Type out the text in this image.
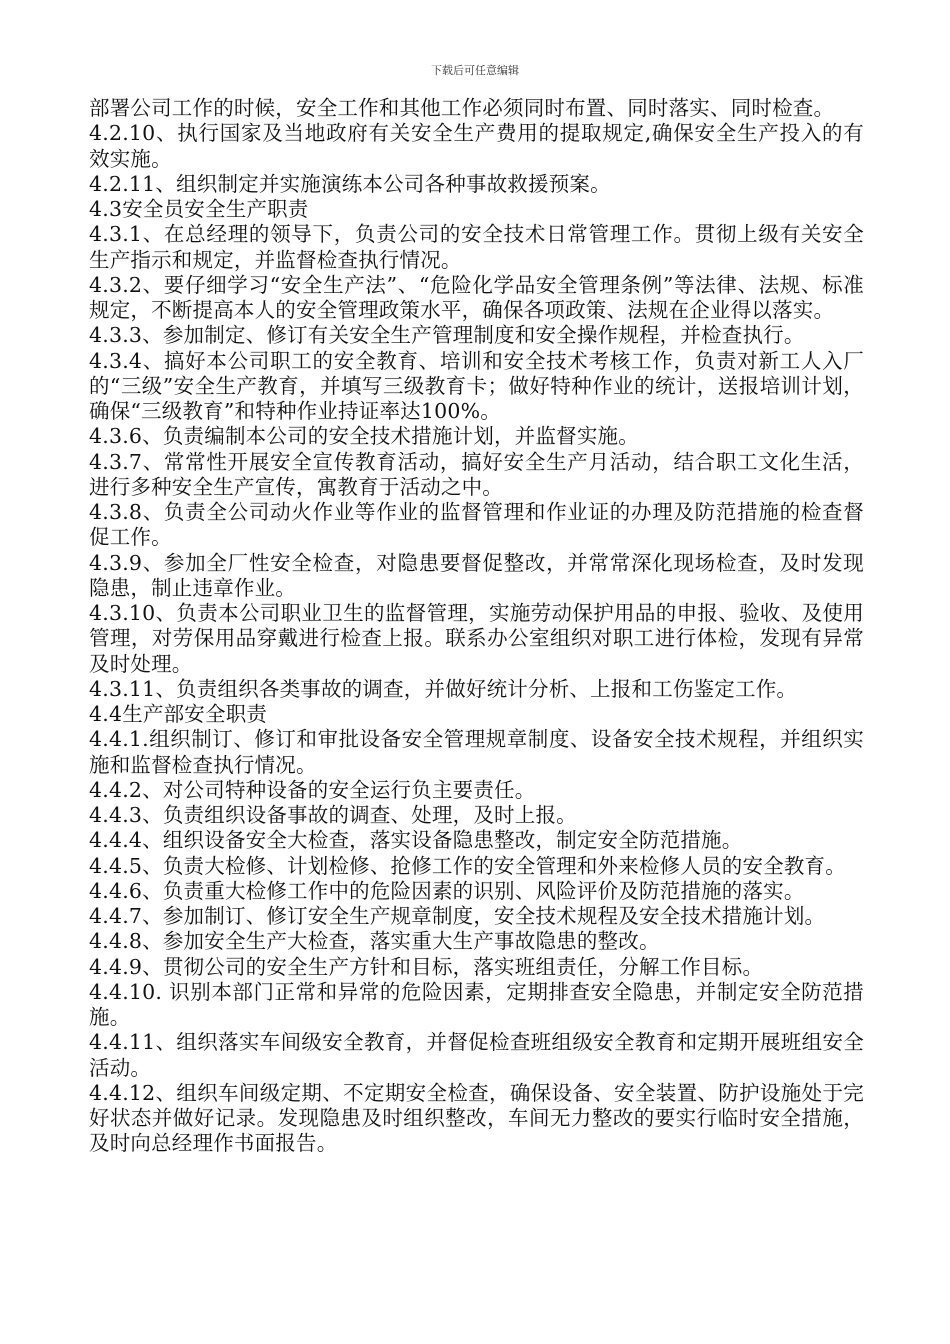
下载后可任意编辑

部署公司工作的时候，安全工作和其他工作必须同时布置、同时落实、同时检查。

4.2.10、执行国家及当地政府有关安全生产费用的提取规定,确保安全生产投入的有效实施。

4.2.11、组织制定并实施演练本公司各种事故救援预案。

4.3安全员安全生产职责

4.3.1、在总经理的领导下，负责公司的安全技术日常管理工作。贯彻上级有关安全生产指示和规定，并监督检查执行情况。

4.3.2、要仔细学习“安全生产法”、“危险化学品安全管理条例”等法律、法规、标准规定，不断提高本人的安全管理政策水平，确保各项政策、法规在企业得以落实。

4.3.3、参加制定、修订有关安全生产管理制度和安全操作规程，并检查执行。

4.3.4、搞好本公司职工的安全教育、培训和安全技术考核工作，负责对新工人入厂的“三级”安全生产教育，并填写三级教育卡；做好特种作业的统计，送报培训计划，确保“三级教育”和特种作业持证率达100%。

4.3.6、负责编制本公司的安全技术措施计划，并监督实施。

4.3.7、常常性开展安全宣传教育活动，搞好安全生产月活动，结合职工文化生活，进行多种安全生产宣传，寓教育于活动之中。

4.3.8、负责全公司动火作业等作业的监督管理和作业证的办理及防范措施的检查督促工作。

4.3.9、参加全厂性安全检查，对隐患要督促整改，并常常深化现场检查，及时发现隐患，制止违章作业。

4.3.10、负责本公司职业卫生的监督管理，实施劳动保护用品的申报、验收、及使用管理，对劳保用品穿戴进行检查上报。联系办公室组织对职工进行体检，发现有异常及时处理。

4.3.11、负责组织各类事故的调查，并做好统计分析、上报和工伤鉴定工作。

4.4生产部安全职责

4.4.1.组织制订、修订和审批设备安全管理规章制度、设备安全技术规程，并组织实施和监督检查执行情况。

4.4.2、对公司特种设备的安全运行负主要责任。

4.4.3、负责组织设备事故的调查、处理，及时上报。

4.4.4、组织设备安全大检查，落实设备隐患整改，制定安全防范措施。

4.4.5、负责大检修、计划检修、抢修工作的安全管理和外来检修人员的安全教育。

4.4.6、负责重大检修工作中的危险因素的识别、风险评价及防范措施的落实。

4.4.7、参加制订、修订安全生产规章制度，安全技术规程及安全技术措施计划。

4.4.8、参加安全生产大检查，落实重大生产事故隐患的整改。

4.4.9、贯彻公司的安全生产方针和目标，落实班组责任，分解工作目标。

4.4.10. 识别本部门正常和异常的危险因素，定期排查安全隐患，并制定安全防范措施。

4.4.11、组织落实车间级安全教育，并督促检查班组级安全教育和定期开展班组安全活动。

4.4.12、组织车间级定期、不定期安全检查，确保设备、安全装置、防护设施处于完好状态并做好记录。发现隐患及时组织整改，车间无力整改的要实行临时安全措施，及时向总经理作书面报告。
